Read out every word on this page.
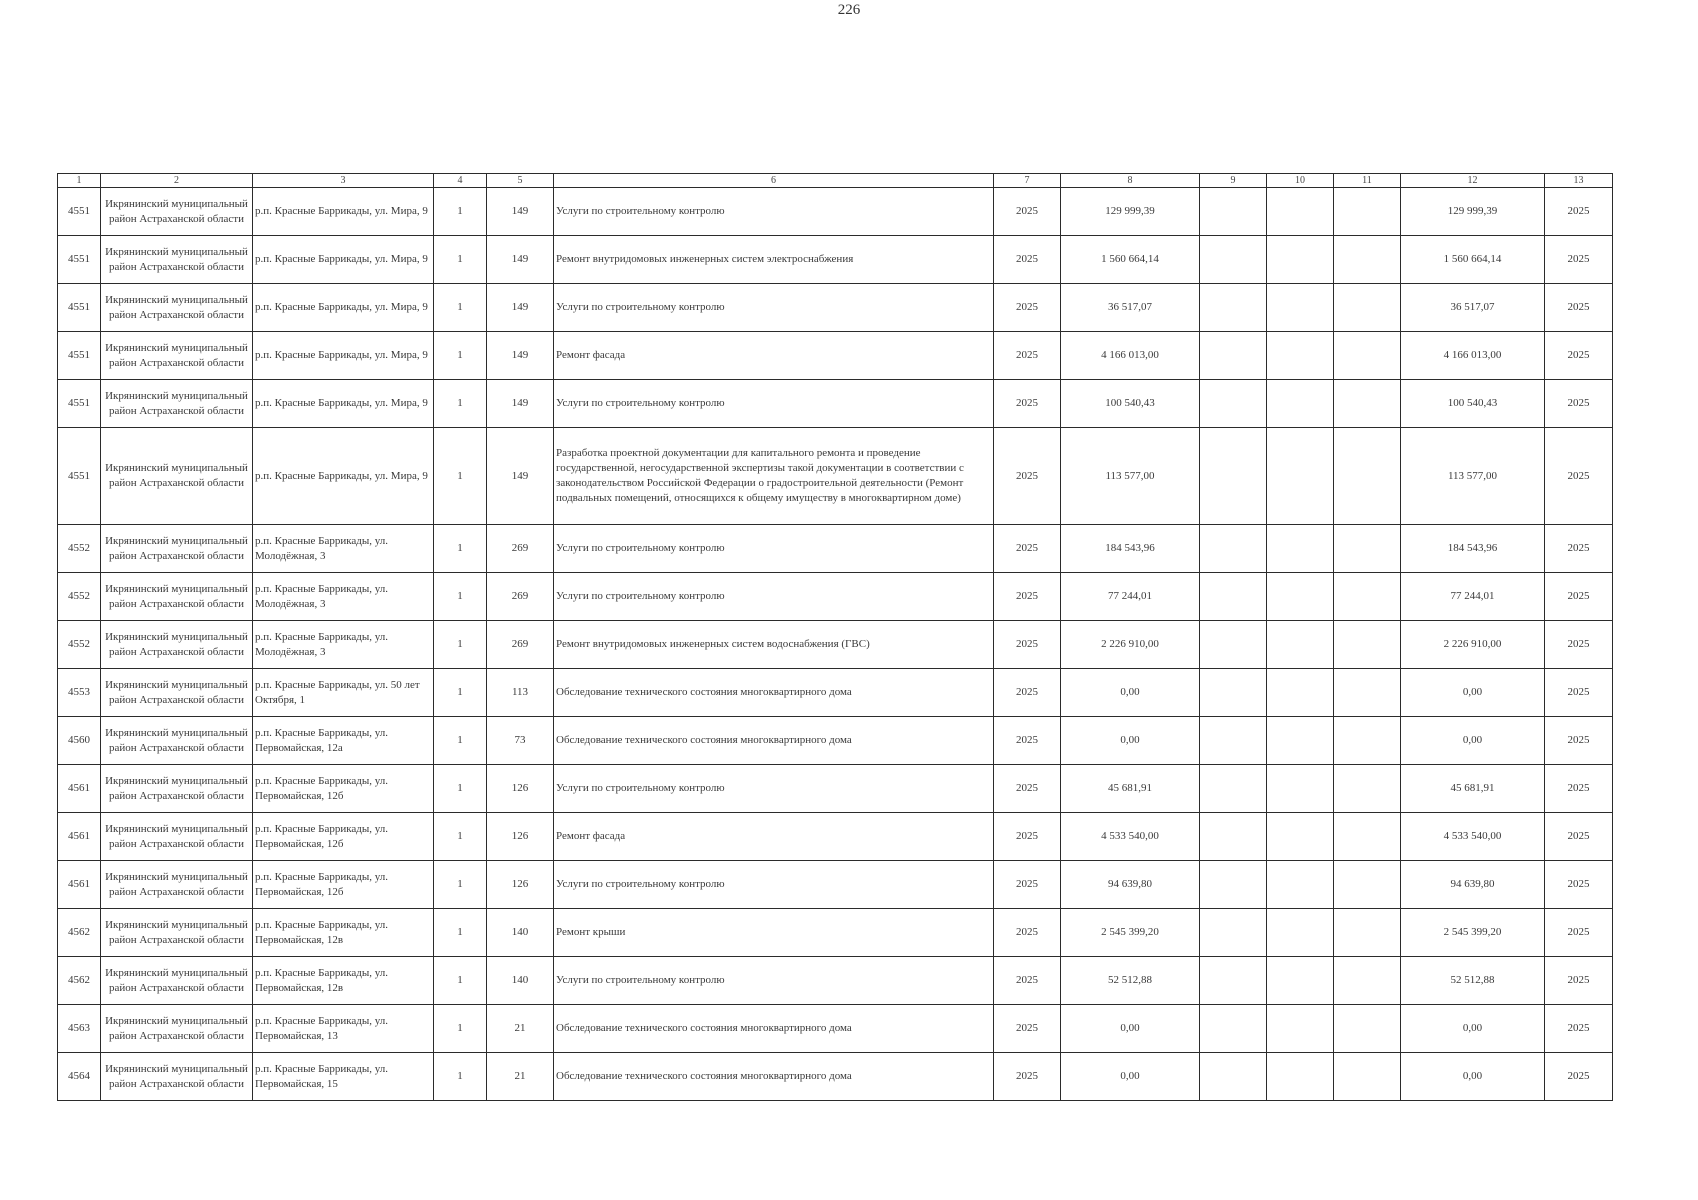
226
1	2	3	4	5	6	7	8	9	10	11	12	13
4551	Икрянинский муниципальный район Астраханской области	р.п. Красные Баррикады, ул. Мира, 9	1	149	Услуги по строительному контролю	2025	129 999,39				129 999,39	2025
4551	Икрянинский муниципальный район Астраханской области	р.п. Красные Баррикады, ул. Мира, 9	1	149	Ремонт внутридомовых инженерных систем электроснабжения	2025	1 560 664,14				1 560 664,14	2025
4551	Икрянинский муниципальный район Астраханской области	р.п. Красные Баррикады, ул. Мира, 9	1	149	Услуги по строительному контролю	2025	36 517,07				36 517,07	2025
4551	Икрянинский муниципальный район Астраханской области	р.п. Красные Баррикады, ул. Мира, 9	1	149	Ремонт фасада	2025	4 166 013,00				4 166 013,00	2025
4551	Икрянинский муниципальный район Астраханской области	р.п. Красные Баррикады, ул. Мира, 9	1	149	Услуги по строительному контролю	2025	100 540,43				100 540,43	2025
4551	Икрянинский муниципальный район Астраханской области	р.п. Красные Баррикады, ул. Мира, 9	1	149	Разработка проектной документации для капитального ремонта и проведение государственной, негосударственной экспертизы такой документации в соответствии с законодательством Российской Федерации о градостроительной деятельности (Ремонт подвальных помещений, относящихся к общему имуществу в многоквартирном доме)	2025	113 577,00				113 577,00	2025
4552	Икрянинский муниципальный район Астраханской области	р.п. Красные Баррикады, ул. Молодёжная, 3	1	269	Услуги по строительному контролю	2025	184 543,96				184 543,96	2025
4552	Икрянинский муниципальный район Астраханской области	р.п. Красные Баррикады, ул. Молодёжная, 3	1	269	Услуги по строительному контролю	2025	77 244,01				77 244,01	2025
4552	Икрянинский муниципальный район Астраханской области	р.п. Красные Баррикады, ул. Молодёжная, 3	1	269	Ремонт внутридомовых инженерных систем водоснабжения (ГВС)	2025	2 226 910,00				2 226 910,00	2025
4553	Икрянинский муниципальный район Астраханской области	р.п. Красные Баррикады, ул. 50 лет Октября, 1	1	113	Обследование технического состояния многоквартирного дома	2025	0,00				0,00	2025
4560	Икрянинский муниципальный район Астраханской области	р.п. Красные Баррикады, ул. Первомайская, 12а	1	73	Обследование технического состояния многоквартирного дома	2025	0,00				0,00	2025
4561	Икрянинский муниципальный район Астраханской области	р.п. Красные Баррикады, ул. Первомайская, 12б	1	126	Услуги по строительному контролю	2025	45 681,91				45 681,91	2025
4561	Икрянинский муниципальный район Астраханской области	р.п. Красные Баррикады, ул. Первомайская, 12б	1	126	Ремонт фасада	2025	4 533 540,00				4 533 540,00	2025
4561	Икрянинский муниципальный район Астраханской области	р.п. Красные Баррикады, ул. Первомайская, 12б	1	126	Услуги по строительному контролю	2025	94 639,80				94 639,80	2025
4562	Икрянинский муниципальный район Астраханской области	р.п. Красные Баррикады, ул. Первомайская, 12в	1	140	Ремонт крыши	2025	2 545 399,20				2 545 399,20	2025
4562	Икрянинский муниципальный район Астраханской области	р.п. Красные Баррикады, ул. Первомайская, 12в	1	140	Услуги по строительному контролю	2025	52 512,88				52 512,88	2025
4563	Икрянинский муниципальный район Астраханской области	р.п. Красные Баррикады, ул. Первомайская, 13	1	21	Обследование технического состояния многоквартирного дома	2025	0,00				0,00	2025
4564	Икрянинский муниципальный район Астраханской области	р.п. Красные Баррикады, ул. Первомайская, 15	1	21	Обследование технического состояния многоквартирного дома	2025	0,00				0,00	2025
